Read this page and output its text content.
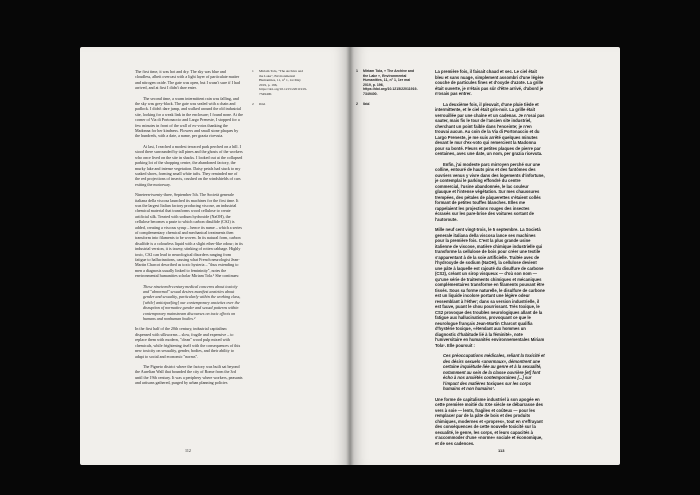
The first time, it was hot and dry. The sky was blue and cloudless, albeit overcast with a light layer of particulate matter and nitrogen oxide. The gate was open, but I wasn't sure if I had arrived, and at first I didn't dare enter.

The second time, a warm intermittent rain was falling, and the sky was grey-black. The gate was sealed with a chain and padlock. I didn't dare jump, and walked around the old industrial site, looking for a weak link in the enclosure; I found none. At the corner of Via di Portonaccio and Largo Preneste, I stopped for a few minutes in front of the wall of ex-votos thanking the Madonna for her kindness. Flowers and small stone plaques by the hundreds, with a date, a name, per grazia ricevuta.

At last, I reached a modest terraced park perched on a hill. I stood there surrounded by tall pines and the ghosts of the workers who once lived on the site in shacks. I looked out at the collapsed parking lot of the shopping centre, the abandoned factory, the murky lake and intense vegetation. Daisy petals had stuck to my soaked shoes, forming small white tufts. They reminded me of the red projections of insects, crushed on the windshields of cars exiting the motorway.

Nineteen-twenty-three, September 5th. The Società generale italiana della viscosa launched its machines for the first time. It was the largest Italian factory producing viscose, an industrial chemical material that transforms wood cellulose to create artificial silk. Treated with sodium hydroxide (NaOH), the cellulose becomes a paste to which carbon disulfide (CS2) is added, creating a viscous syrup – hence its name – which a series of complementary chemical and mechanical treatments then transform into filaments to be woven. In its natural form, carbon disulfide is a colourless liquid with a slight ether-like odour; in its industrial version, it is tawny, stinking of rotten cabbage. Highly toxic, CS2 can lead to neurological disorders ranging from fatigue to hallucinations, causing what French neurologist Jean-Martin Charcot described as toxic hysteria – "thus extending to men a diagnosis usually linked to femininity", notes the environmental humanities scholar Miriam Tola.¹ She continues:

These nineteenth-century medical concerns about toxicity and "abnormal" sexual desires manifest anxieties about gender and sexuality, particularly within the working class, [while] anticipat[ing] our contemporary anxieties over the disruption of normative gender and sexual patterns within contemporary mainstream discourses on toxic effects on humans and nonhuman bodies.²

In the first half of the 20th century, industrial capitalism dispensed with silkworms – slow, fragile and expensive – to replace them with modern, "clean" wood pulp mixed with chemicals, while frightening itself with the consequences of this new toxicity on sexuality, gender, bodies, and their ability to adapt to social and economic "norms".

The Pigneto district where the factory was built sat beyond the Aurelian Wall that bounded the city of Rome from the 3rd until the 19th century. It was a periphery where workers, peasants and artisans gathered, purged by urban planning policies

1 Miriam Tola, "The Archive and the Lake", Environmental Humanities, 11, n° 1, 1st May 2019, p. 196, https://doi.org/10.1215/22011919-7349400.
2 Ibid.
112
1 Miriam Tola, « The Archive and the Lake », Environmental Humanities, 11, n° 1, 1er mai 2019, p. 196, https://doi.org/10.1215/22011919-7349400.
2 Ibid.

La première fois, il faisait chaud et sec. Le ciel était bleu et sans nuage, simplement assombri d'une légère couche de particules fines et d'oxyde d'azote. La grille était ouverte, je n'étais pas sûr d'être arrivé, d'abord je n'osais pas entrer.

La deuxième fois, il pleuvait, d'une pluie tiède et intermittente, et le ciel était gris-noir. La grille était verrouillée par une chaîne et un cadenas. Je n'osai pas sauter, mais fis le tour de l'ancien site industriel, cherchant un point faible dans l'enceinte; je n'en trouvai aucun. Au coin de la Via di Portonaccio et du Largo Preneste, je me suis arrêté quelques minutes devant le mur d'ex-voto qui remercient la Madonna pour sa bonté. Fleurs et petites plaques de pierre par centaines, avec une date, un nom, per grazia ricevuta.

Enfin, j'ai modeste parc mirroyen perché sur une colline, entouré de hauts pins et des fantômes des ouvriers venus y vivre dans des logements d'infortune, je contemplai le parking effondré du centre commercial, l'usine abandonnée, le lac couleur glauque et l'intense végétation. Sur mes chaussures trempées, des pétales de pâquerettes s'étaient collés formant de petites touffes blanches. Elles me rappelaient les projections rouges des insectes écrasés sur les pare-brise des voitures sortant de l'autoroute.

Mille neuf cent vingt-trois, le 5 septembre. La Società generale italiana della viscosa lance ses machines pour la première fois. C'est la plus grande usine italienne de viscose, matière chimique industrielle qui transforme la cellulose de bois pour créer une textile s'apparentant à de la soie artificielle. Traitée avec de l'hydroxyde de sodium (NaOH), la cellulose devient une pâte à laquelle est rajouté du disulfure de carbone (CS2), créant un sirop visqueux — d'où son nom — qu'une série de traitements chimiques et mécaniques complémentaires transforme en filaments pouvant être tissés. Sous sa forme naturelle, le disulfure de carbone est un liquide incolore portant une légère odeur ressemblant à l'éther; dans sa version industrielle, il est fauve, puant le chou pourrissant. Très toxique, le CS2 provoque des troubles neurologiques allant de la fatigue aux hallucinations, provoquant ce que le neurologue français Jean-Martin Charcot qualifia d'hystérie toxique, «étendant aux hommes un diagnostic d'habitude lié à la féminité», note l'universitaire en humanités environnementales Miriam Tola¹. Elle poursuit :

Ces préoccupations médicales, reliant la toxicité et des désirs sexuels «anormaux», démontrent une certaine inquiétude liée au genre et à la sexualité, notamment au sein de la classe ouvrière [et] font écho à nos anxiétés contemporaines [...] sur l'impact des matières toxiques sur les corps humains et non humains².

Une forme de capitalisme industriel à son apogée en cette première moitié du XXe siècle se débarrasse des vers à soie — lents, fragiles et coûteux — pour les remplacer par de la pâte de bois et des produits chimiques, modernes et «propres», tout en s'effrayant des conséquences de cette nouvelle toxicité sur la sexualité, le genre, les corps, et leurs capacités à s'accommoder d'une «norme» sociale et économique, et de ses cadences.

113
